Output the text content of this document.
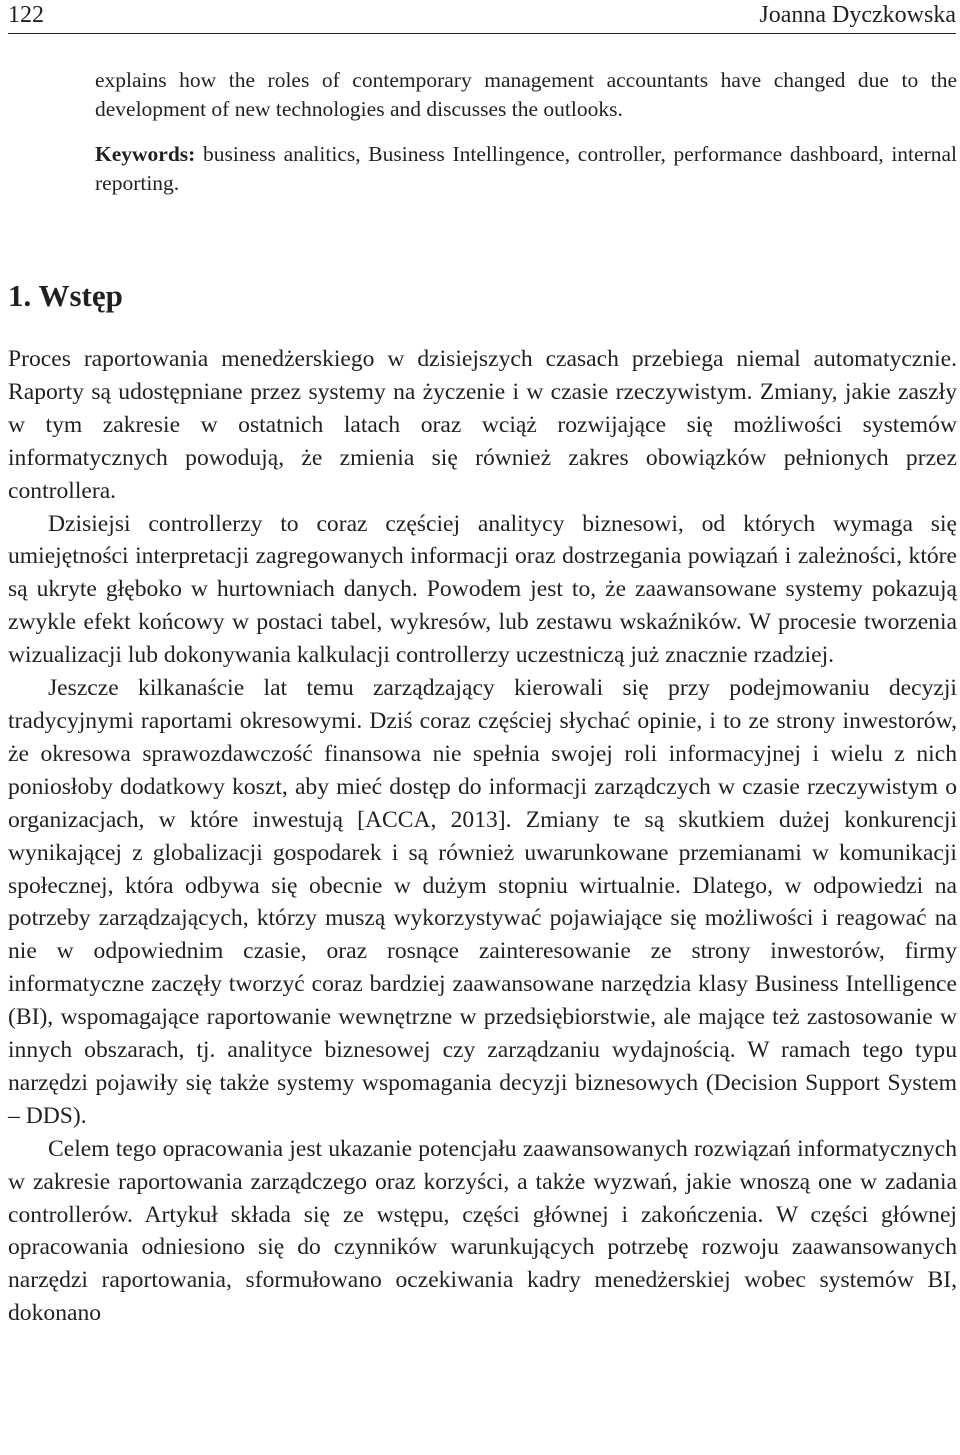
122	Joanna Dyczkowska

explains how the roles of contemporary management accountants have changed due to the development of new technologies and discusses the outlooks.

Keywords: business analitics, Business Intellingence, controller, performance dashboard, internal reporting.

1. Wstęp

Proces raportowania menedżerskiego w dzisiejszych czasach przebiega niemal automatycznie. Raporty są udostępniane przez systemy na życzenie i w czasie rzeczywistym. Zmiany, jakie zaszły w tym zakresie w ostatnich latach oraz wciąż rozwijające się możliwości systemów informatycznych powodują, że zmienia się również zakres obowiązków pełnionych przez controllera.

Dzisiejsi controllerzy to coraz częściej analitycy biznesowi, od których wymaga się umiejętności interpretacji zagregowanych informacji oraz dostrzegania powiązań i zależności, które są ukryte głęboko w hurtowniach danych. Powodem jest to, że zaawansowane systemy pokazują zwykle efekt końcowy w postaci tabel, wykresów, lub zestawu wskaźników. W procesie tworzenia wizualizacji lub dokonywania kalkulacji controllerzy uczestniczą już znacznie rzadziej.

Jeszcze kilkanaście lat temu zarządzający kierowali się przy podejmowaniu decyzji tradycyjnymi raportami okresowymi. Dziś coraz częściej słychać opinie, i to ze strony inwestorów, że okresowa sprawozdawczość finansowa nie spełnia swojej roli informacyjnej i wielu z nich poniosłoby dodatkowy koszt, aby mieć dostęp do informacji zarządczych w czasie rzeczywistym o organizacjach, w które inwestują [ACCA, 2013]. Zmiany te są skutkiem dużej konkurencji wynikającej z globalizacji gospodarek i są również uwarunkowane przemianami w komunikacji społecznej, która odbywa się obecnie w dużym stopniu wirtualnie. Dlatego, w odpowiedzi na potrzeby zarządzających, którzy muszą wykorzystywać pojawiające się możliwości i reagować na nie w odpowiednim czasie, oraz rosnące zainteresowanie ze strony inwestorów, firmy informatyczne zaczęły tworzyć coraz bardziej zaawansowane narzędzia klasy Business Intelligence (BI), wspomagające raportowanie wewnętrzne w przedsiębiorstwie, ale mające też zastosowanie w innych obszarach, tj. analityce biznesowej czy zarządzaniu wydajnością. W ramach tego typu narzędzi pojawiły się także systemy wspomagania decyzji biznesowych (Decision Support System – DDS).

Celem tego opracowania jest ukazanie potencjału zaawansowanych rozwiązań informatycznych w zakresie raportowania zarządczego oraz korzyści, a także wyzwań, jakie wnoszą one w zadania controllerów. Artykuł składa się ze wstępu, części głównej i zakończenia. W części głównej opracowania odniesiono się do czynników warunkujących potrzebę rozwoju zaawansowanych narzędzi raportowania, sformułowano oczekiwania kadry menedżerskiej wobec systemów BI, dokonano
